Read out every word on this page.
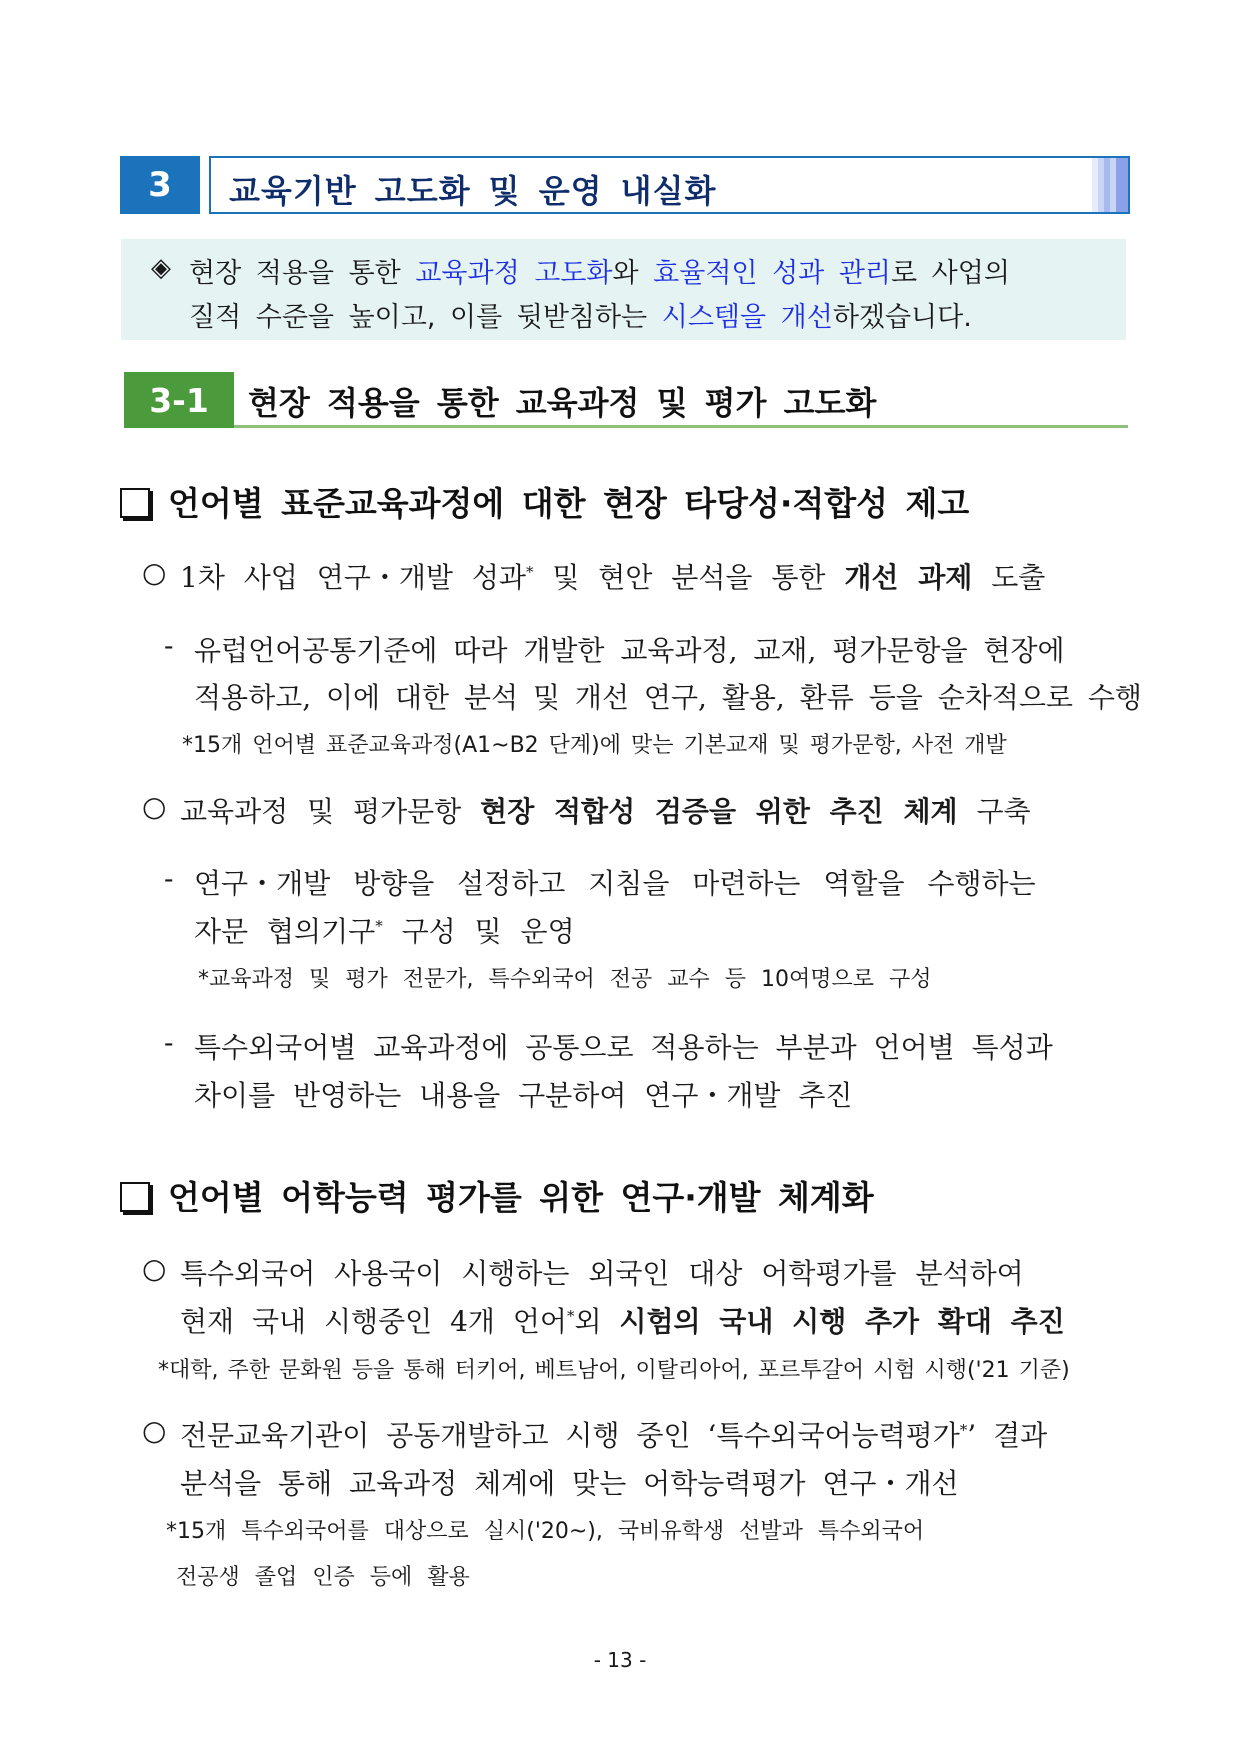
3	교육기반 고도화 및 운영 내실화
◈ 현장 적용을 통한 교육과정 고도화와 효율적인 성과 관리로 사업의
질적 수준을 높이고, 이를 뒷받침하는 시스템을 개선하겠습니다.
3-1	현장 적용을 통한 교육과정 및 평가 고도화
언어별 표준교육과정에 대한 현장 타당성·적합성 제고
○ 1차 사업 연구・개발 성과* 및 현안 분석을 통한 개선 과제 도출
- 유럽언어공통기준에 따라 개발한 교육과정, 교재, 평가문항을 현장에
적용하고, 이에 대한 분석 및 개선 연구, 활용, 환류 등을 순차적으로 수행
*15개 언어별 표준교육과정(A1~B2 단계)에 맞는 기본교재 및 평가문항, 사전 개발
○ 교육과정 및 평가문항 현장 적합성 검증을 위한 추진 체계 구축
- 연구・개발 방향을 설정하고 지침을 마련하는 역할을 수행하는
자문 협의기구* 구성 및 운영
*교육과정 및 평가 전문가, 특수외국어 전공 교수 등 10여명으로 구성
- 특수외국어별 교육과정에 공통으로 적용하는 부분과 언어별 특성과
차이를 반영하는 내용을 구분하여 연구・개발 추진
언어별 어학능력 평가를 위한 연구·개발 체계화
○ 특수외국어 사용국이 시행하는 외국인 대상 어학평가를 분석하여
현재 국내 시행중인 4개 언어*외 시험의 국내 시행 추가 확대 추진
*대학, 주한 문화원 등을 통해 터키어, 베트남어, 이탈리아어, 포르투갈어 시험 시행('21 기준)
○ 전문교육기관이 공동개발하고 시행 중인 ‘특수외국어능력평가*’ 결과
분석을 통해 교육과정 체계에 맞는 어학능력평가 연구・개선
*15개 특수외국어를 대상으로 실시('20~), 국비유학생 선발과 특수외국어
전공생 졸업 인증 등에 활용
- 13 -
